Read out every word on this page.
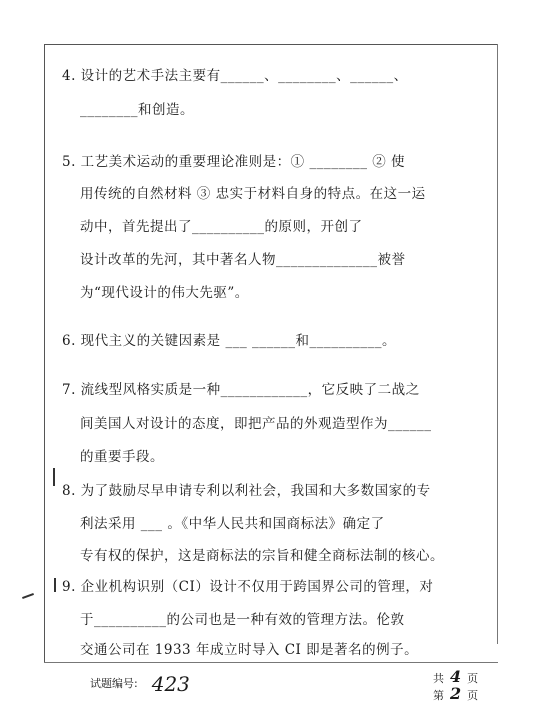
4. 设计的艺术手法主要有______、________、______、
________和创造。
5. 工艺美术运动的重要理论准则是：① ________ ② 使
用传统的自然材料 ③ 忠实于材料自身的特点。在这一运
动中，首先提出了__________的原则，开创了
设计改革的先河，其中著名人物______________被誉
为“现代设计的伟大先驱”。
6. 现代主义的关键因素是 ___ ______和__________。
7. 流线型风格实质是一种____________，它反映了二战之
间美国人对设计的态度，即把产品的外观造型作为______
的重要手段。
8. 为了鼓励尽早申请专利以利社会，我国和大多数国家的专
利法采用 ___ 。《中华人民共和国商标法》确定了
专有权的保护，这是商标法的宗旨和健全商标法制的核心。
9. 企业机构识别（CI）设计不仅用于跨国界公司的管理，对
于__________的公司也是一种有效的管理方法。伦敦
交通公司在 1933 年成立时导入 CI 即是著名的例子。
试题编号: 423	共 4 页
第 2 页
